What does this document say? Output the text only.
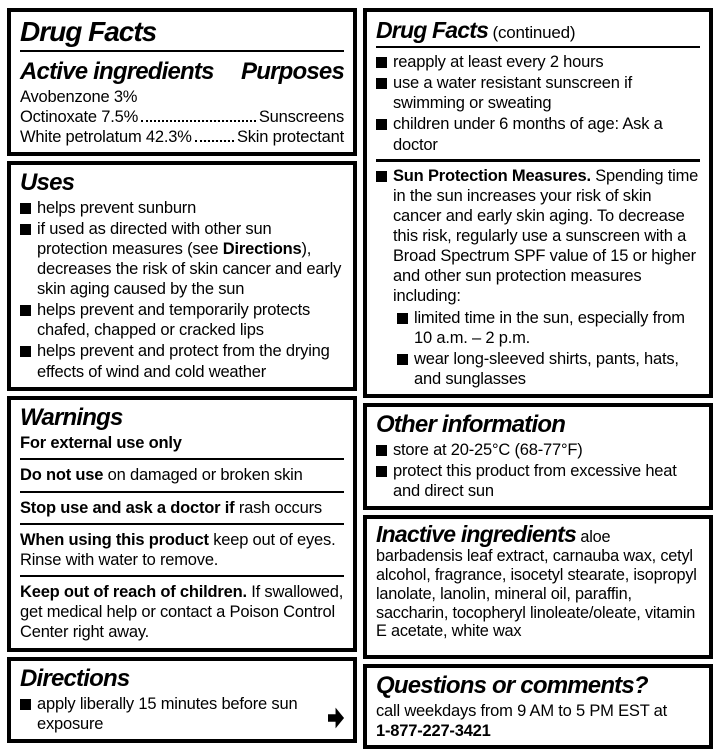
Drug Facts
Active ingredients Purposes
Avobenzone 3%
Octinoxate 7.5%	Sunscreens
White petrolatum 42.3%	Skin protectant
Uses
helps prevent sunburn
if used as directed with other sun protection measures (see Directions), decreases the risk of skin cancer and early skin aging caused by the sun
helps prevent and temporarily protects chafed, chapped or cracked lips
helps prevent and protect from the drying effects of wind and cold weather
Warnings
For external use only
Do not use on damaged or broken skin
Stop use and ask a doctor if rash occurs
When using this product keep out of eyes. Rinse with water to remove.
Keep out of reach of children. If swallowed, get medical help or contact a Poison Control Center right away.
Directions
apply liberally 15 minutes before sun exposure
Drug Facts (continued)
reapply at least every 2 hours
use a water resistant sunscreen if swimming or sweating
children under 6 months of age: Ask a doctor
Sun Protection Measures. Spending time in the sun increases your risk of skin cancer and early skin aging. To decrease this risk, regularly use a sunscreen with a Broad Spectrum SPF value of 15 or higher and other sun protection measures including:
limited time in the sun, especially from 10 a.m. – 2 p.m.
wear long-sleeved shirts, pants, hats, and sunglasses
Other information
store at 20-25°C (68-77°F)
protect this product from excessive heat and direct sun
Inactive ingredients aloe barbadensis leaf extract, carnauba wax, cetyl alcohol, fragrance, isocetyl stearate, isopropyl lanolate, lanolin, mineral oil, paraffin, saccharin, tocopheryl linoleate/oleate, vitamin E acetate, white wax
Questions or comments?
call weekdays from 9 AM to 5 PM EST at
1-877-227-3421
